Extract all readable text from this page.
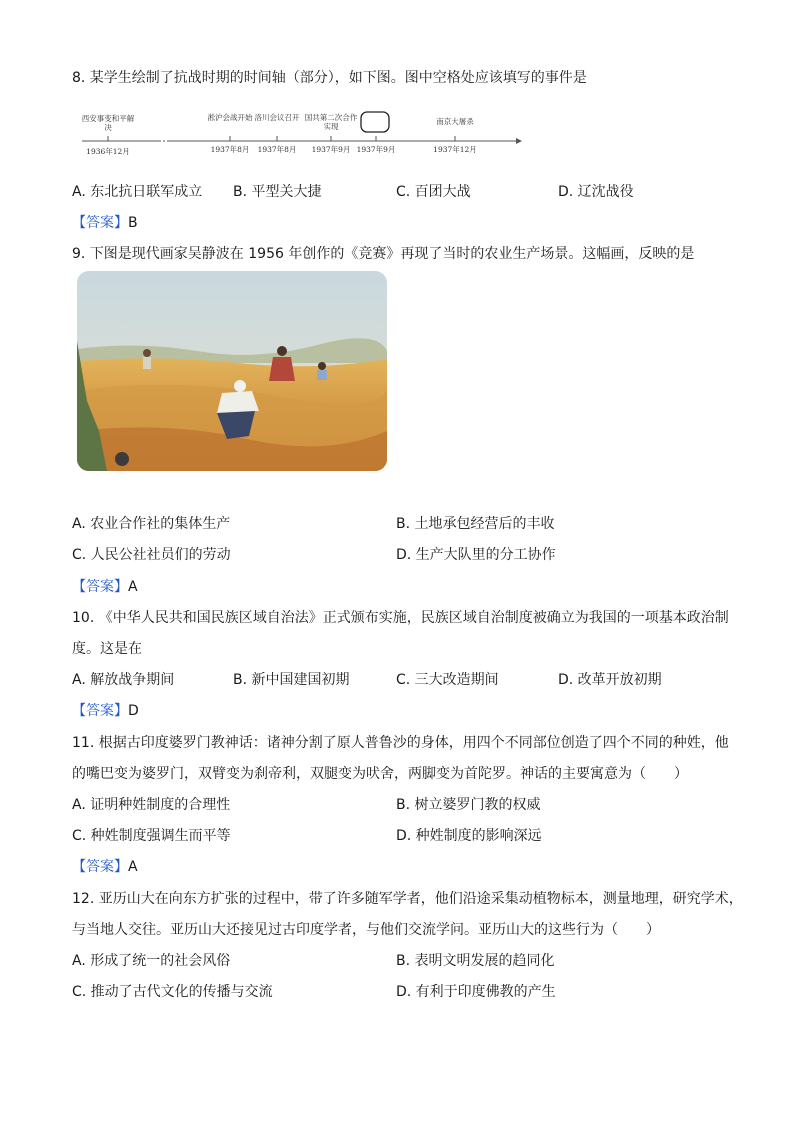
8. 某学生绘制了抗战时期的时间轴（部分），如下图。图中空格处应该填写的事件是
西安事变和平解决
淞沪会战开始 洛川会议召开 国共第二次合作实现
南京大屠杀
1936年12月	1937年8月	1937年8月	1937年9月 1937年9月	1937年12月
A. 东北抗日联军成立 B. 平型关大捷	C. 百团大战	D. 辽沈战役
【答案】B
9. 下图是现代画家吴静波在 1956 年创作的《竞赛》再现了当时的农业生产场景。这幅画，反映的是
A. 农业合作社的集体生产	B. 土地承包经营后的丰收
C. 人民公社社员们的劳动	D. 生产大队里的分工协作
【答案】A
10. 《中华人民共和国民族区域自治法》正式颁布实施，民族区域自治制度被确立为我国的一项基本政治制
度。这是在
A. 解放战争期间	B. 新中国建国初期	C. 三大改造期间	D. 改革开放初期
【答案】D
11. 根据古印度婆罗门教神话：诸神分割了原人普鲁沙的身体，用四个不同部位创造了四个不同的种姓，他
的嘴巴变为婆罗门，双臂变为刹帝利，双腿变为吠舍，两脚变为首陀罗。神话的主要寓意为（　　）
A. 证明种姓制度的合理性	B. 树立婆罗门教的权威
C. 种姓制度强调生而平等	D. 种姓制度的影响深远
【答案】A
12. 亚历山大在向东方扩张的过程中，带了许多随军学者，他们沿途采集动植物标本，测量地理，研究学术，
与当地人交往。亚历山大还接见过古印度学者，与他们交流学问。亚历山大的这些行为（　　）
A. 形成了统一的社会风俗	B. 表明文明发展的趋同化
C. 推动了古代文化的传播与交流	D. 有利于印度佛教的产生
